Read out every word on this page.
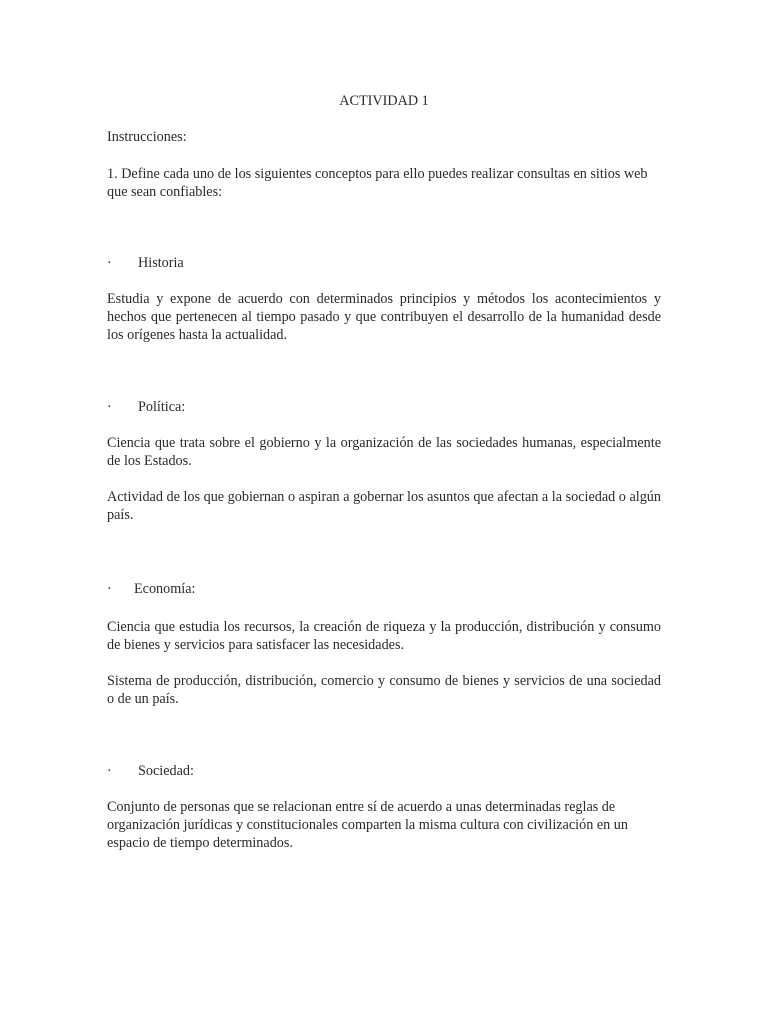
ACTIVIDAD 1
Instrucciones:
1. Define cada uno de los siguientes conceptos para ello puedes realizar consultas en sitios web que sean confiables:
·	Historia
Estudia y expone de acuerdo con determinados principios y métodos los acontecimientos y hechos que pertenecen al tiempo pasado y que contribuyen el desarrollo de la humanidad desde los orígenes hasta la actualidad.
·	Política:
Ciencia que trata sobre el gobierno y la organización de las sociedades humanas, especialmente de los Estados.
Actividad de los que gobiernan o aspiran a gobernar los asuntos que afectan a la sociedad o algún país.
·	Economía:
Ciencia que estudia los recursos, la creación de riqueza y la producción, distribución y consumo de bienes y servicios para satisfacer las necesidades.
Sistema de producción, distribución, comercio y consumo de bienes y servicios de una sociedad o de un país.
·	Sociedad:
Conjunto de personas que se relacionan entre sí de acuerdo a unas determinadas reglas de organización jurídicas y constitucionales comparten la misma cultura con civilización en un espacio de tiempo determinados.
